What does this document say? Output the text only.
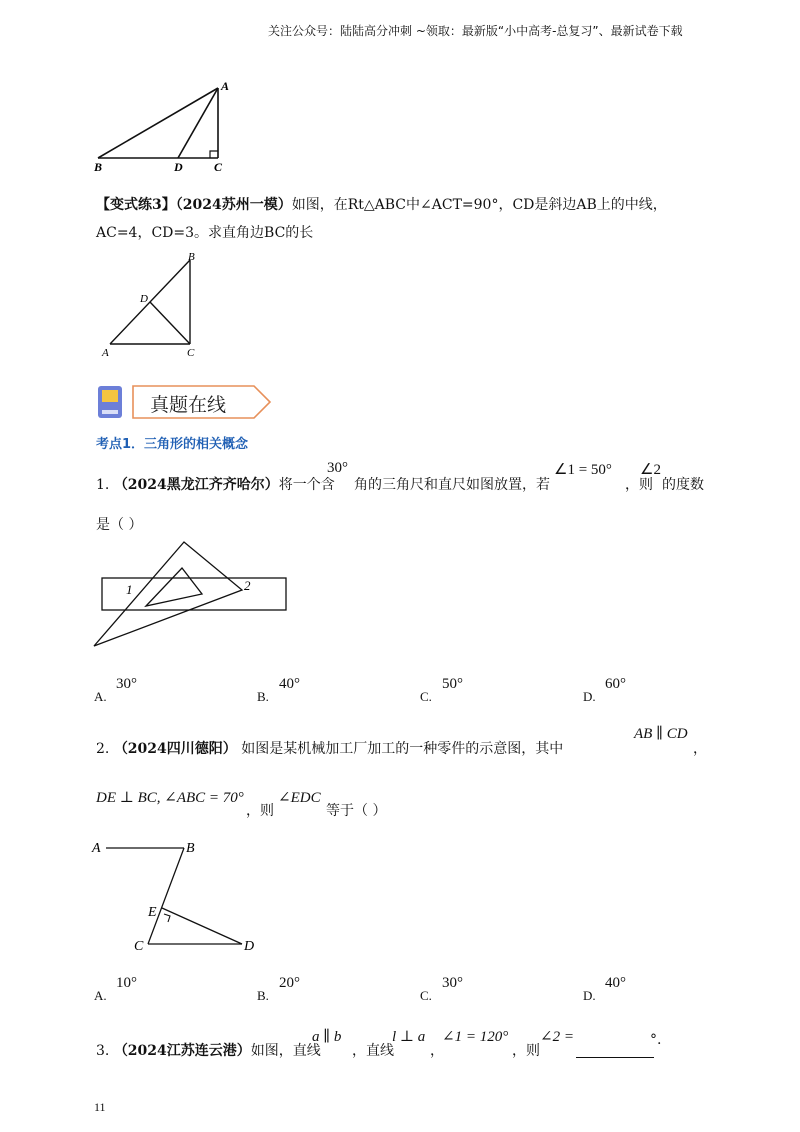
关注公众号：陆陆高分冲刺 ~领取：最新版“小中高考-总复习”、最新试卷下载
A
B	D	C
【变式练3】（2024苏州一模）如图，在Rt△ABC中∠ACT=90°，CD是斜边AB上的中线，
AC=4，CD=3。求直角边BC的长
B
D
A	C
真题在线
考点1．三角形的相关概念
1. （2024黑龙江齐齐哈尔）将一个含
30°
角的三角尺和直尺如图放置，若
∠1 = 50°
，则
∠2
的度数
是（ ）
1	2
A.
30°
B.
40°
C.
50°
D.
60°
2. （2024四川德阳） 如图是某机械加工厂加工的一种零件的示意图，其中
AB ∥ CD
，
DE ⊥ BC, ∠ABC = 70°
，则
∠EDC
等于（ ）
A	B
E
C	D
A.
10°
B.
20°
C.
30°
D.
40°
3. （2024江苏连云港）如图，直线
a ∥ b
，直线
l ⊥ a
，
∠1 = 120°
，则
∠2 =	°.
11
